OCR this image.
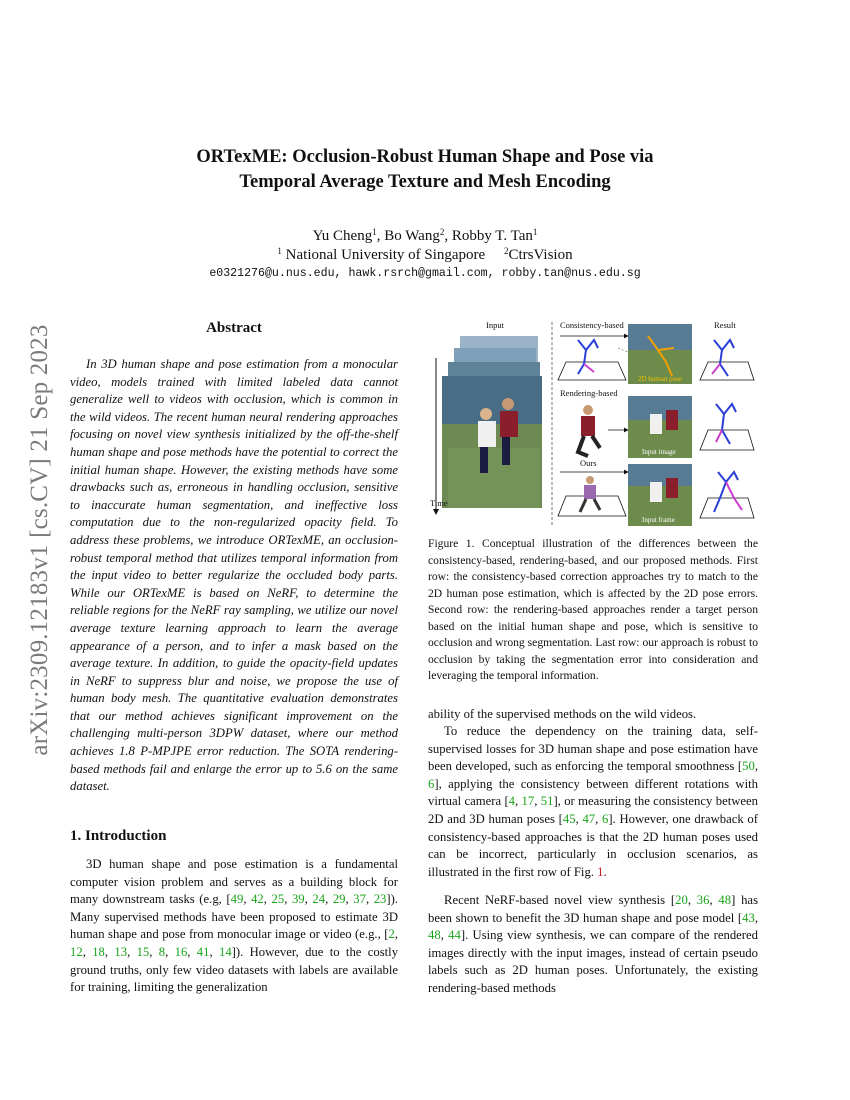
arXiv:2309.12183v1 [cs.CV] 21 Sep 2023
ORTexME: Occlusion-Robust Human Shape and Pose via
Temporal Average Texture and Mesh Encoding
Yu Cheng$^1$, Bo Wang$^2$, Robby T. Tan$^1$
$^1$ National University of Singapore $^2$CtrsVision
e0321276@u.nus.edu, hawk.rsrch@gmail.com, robby.tan@nus.edu.sg
Abstract

In 3D human shape and pose estimation from a monocular video, models trained with limited labeled data cannot generalize well to videos with occlusion, which is common in the wild videos. The recent human neural rendering approaches focusing on novel view synthesis initialized by the off-the-shelf human shape and pose methods have the potential to correct the initial human shape. However, the existing methods have some drawbacks such as, erroneous in handling occlusion, sensitive to inaccurate human segmentation, and ineffective loss computation due to the non-regularized opacity field. To address these problems, we introduce ORTexME, an occlusion-robust temporal method that utilizes temporal information from the input video to better regularize the occluded body parts. While our ORTexME is based on NeRF, to determine the reliable regions for the NeRF ray sampling, we utilize our novel average texture learning approach to learn the average appearance of a person, and to infer a mask based on the average texture. In addition, to guide the opacity-field updates in NeRF to suppress blur and noise, we propose the use of human body mesh. The quantitative evaluation demonstrates that our method achieves significant improvement on the challenging multi-person 3DPW dataset, where our method achieves 1.8 P-MPJPE error reduction. The SOTA rendering-based methods fail and enlarge the error up to 5.6 on the same dataset.

1. Introduction

3D human shape and pose estimation is a fundamental computer vision problem and serves as a building block for many downstream tasks (e.g, [49, 42, 25, 39, 24, 29, 37, 23]). Many supervised methods have been proposed to estimate 3D human shape and pose from monocular image or video (e.g., [2, 12, 18, 13, 15, 8, 16, 41, 14]). However, due to the costly ground truths, only few video datasets with labels are available for training, limiting the generalization

Input
Time
Consistency-based
2D human pose
Result
Rendering-based
Input image
Ours
Input frame

Figure 1. Conceptual illustration of the differences between the consistency-based, rendering-based, and our proposed methods. First row: the consistency-based correction approaches try to match to the 2D human pose estimation, which is affected by the 2D pose errors. Second row: the rendering-based approaches render a target person based on the initial human shape and pose, which is sensitive to occlusion and wrong segmentation. Last row: our approach is robust to occlusion by taking the segmentation error into consideration and leveraging the temporal information.

ability of the supervised methods on the wild videos.

To reduce the dependency on the training data, self-supervised losses for 3D human shape and pose estimation have been developed, such as enforcing the temporal smoothness [50, 6], applying the consistency between different rotations with virtual camera [4, 17, 51], or measuring the consistency between 2D and 3D human poses [45, 47, 6]. However, one drawback of consistency-based approaches is that the 2D human poses used can be incorrect, particularly in occlusion scenarios, as illustrated in the first row of Fig. 1.

Recent NeRF-based novel view synthesis [20, 36, 48] has been shown to benefit the 3D human shape and pose model [43, 48, 44]. Using view synthesis, we can compare of the rendered images directly with the input images, instead of certain pseudo labels such as 2D human poses. Unfortunately, the existing rendering-based methods
